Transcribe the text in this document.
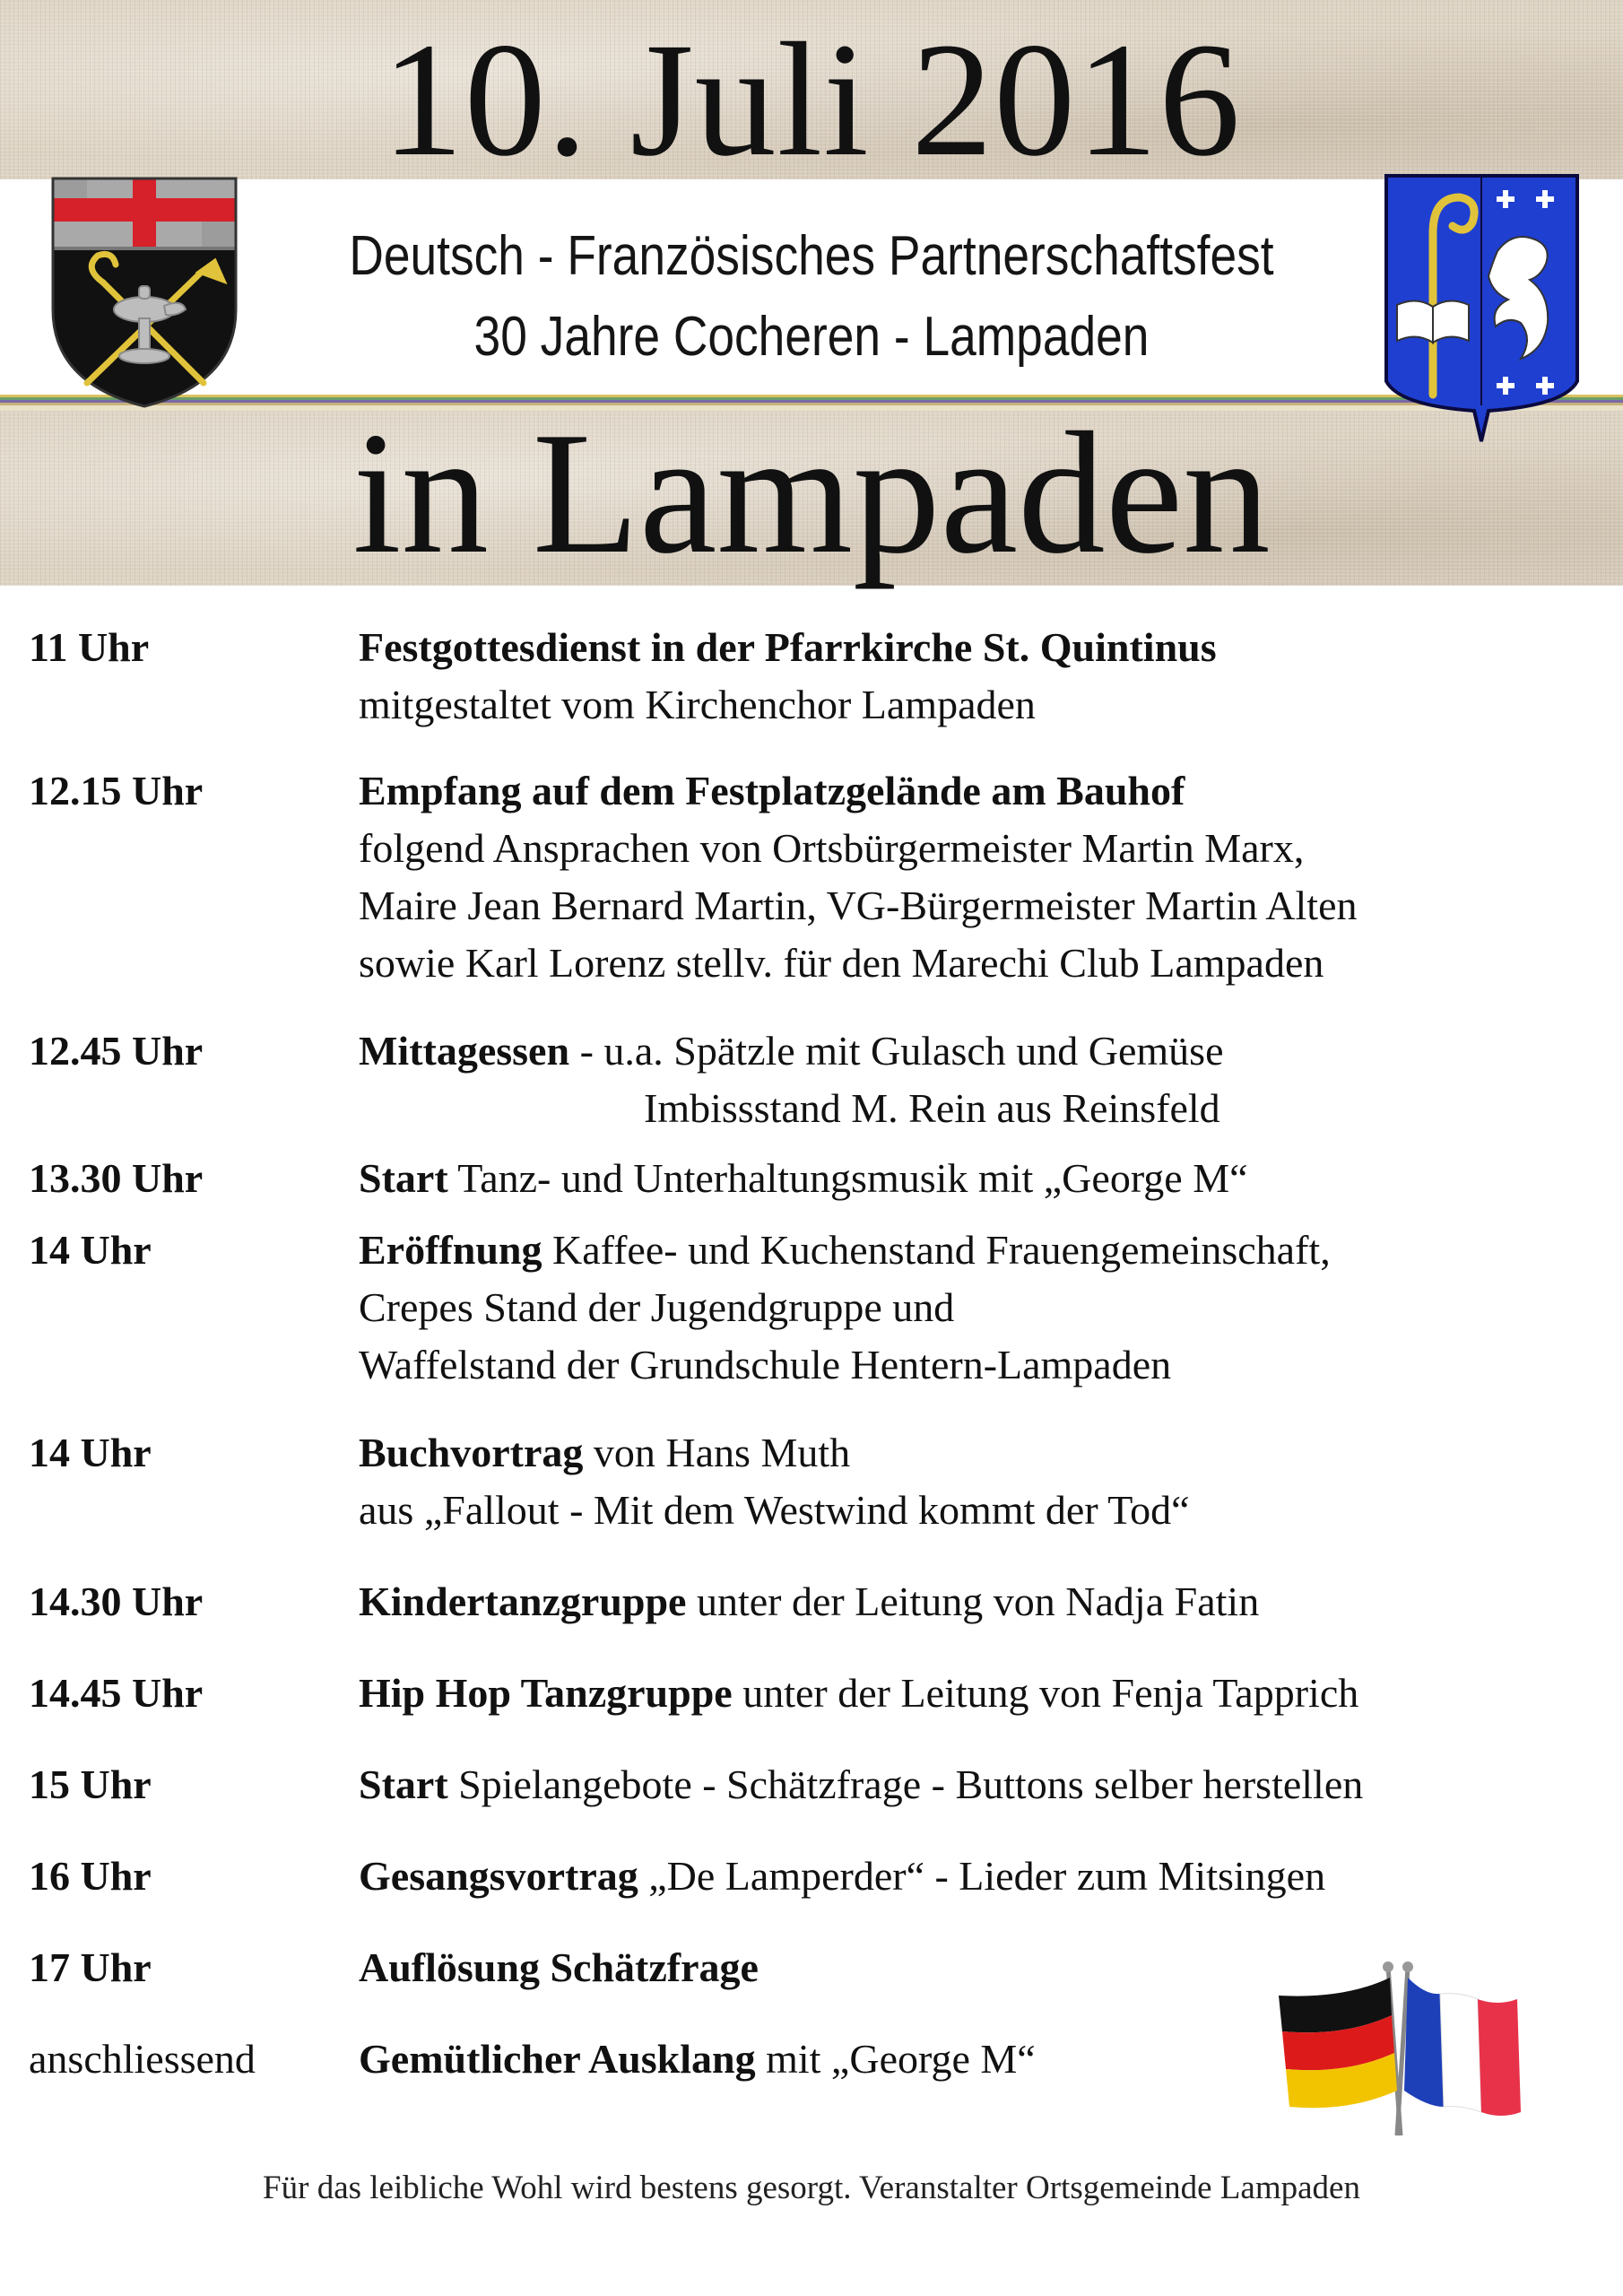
10. Juli 2016
Deutsch - Französisches Partnerschaftsfest
30 Jahre Cocheren - Lampaden
in Lampaden
11 Uhr	Festgottesdienst in der Pfarrkirche St. Quintinus
mitgestaltet vom Kirchenchor Lampaden
12.15 Uhr	Empfang auf dem Festplatzgelände am Bauhof
folgend Ansprachen von Ortsbürgermeister Martin Marx,
Maire Jean Bernard Martin, VG-Bürgermeister Martin Alten
sowie Karl Lorenz stellv. für den Marechi Club Lampaden
12.45 Uhr	Mittagessen - u.a. Spätzle mit Gulasch und Gemüse
Imbissstand M. Rein aus Reinsfeld
13.30 Uhr	Start Tanz- und Unterhaltungsmusik mit „George M“
14 Uhr	Eröffnung Kaffee- und Kuchenstand Frauengemeinschaft,
Crepes Stand der Jugendgruppe und
Waffelstand der Grundschule Hentern-Lampaden
14 Uhr	Buchvortrag von Hans Muth
aus „Fallout - Mit dem Westwind kommt der Tod“
14.30 Uhr	Kindertanzgruppe unter der Leitung von Nadja Fatin
14.45 Uhr	Hip Hop Tanzgruppe unter der Leitung von Fenja Tapprich
15 Uhr	Start Spielangebote - Schätzfrage - Buttons selber herstellen
16 Uhr	Gesangsvortrag „De Lamperder“ - Lieder zum Mitsingen
17 Uhr	Auflösung Schätzfrage
anschliessend	Gemütlicher Ausklang mit „George M“
Für das leibliche Wohl wird bestens gesorgt. Veranstalter Ortsgemeinde Lampaden
